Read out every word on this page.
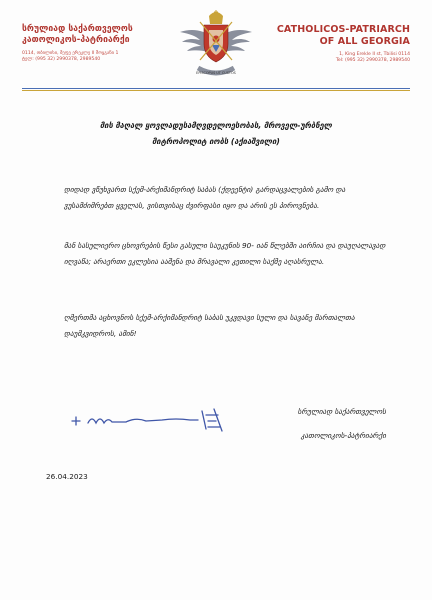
სრულიად საქართველოს
კათოლიკოს-პატრიარქი
0114, თბილისი, მეფე ერეკლე II შოყგანი 1
ტელ: (995 32) 2990378, 2989540
EPISCOPUS UT CUSTOS
CATHOLICOS-PATRIARCH
OF ALL GEORGIA
1, King Erekle II st, Tbilisi 0114
Tel: (995 32) 2990378, 2989540
მის მაღალ ყოვლადუსამღვდელოესობას, მროველ-ურბნელ
მიტროპოლიტ იობს (აქიაშვილი)
დიდად ვწუხვართ სქემ-არქიმანდრიტ საბას (ქდეენტი) გარდაცვალების გამო და ვუსამძიმრებთ ყველას, ვისთვისაც ძვირფასი იყო და არის ეს პიროვნება.
მან სასულიერო ცხოვრების წესი გასული საუკუნის 90- იან წლებში აირჩია და დაუღალავად იღვაწა; არაერთი ეკლესია ააშენა და მრავალი კეთილი საქმე აღასრულა.
ღმერთმა აცხოვნოს სქემ-არქიმანდრიტ საბას უკვდავი სული და სავანე მართალთა დაუმკვიდროს, ამინ!
სრულიად საქართველოს
კათოლიკოს-პატრიარქი
26.04.2023
